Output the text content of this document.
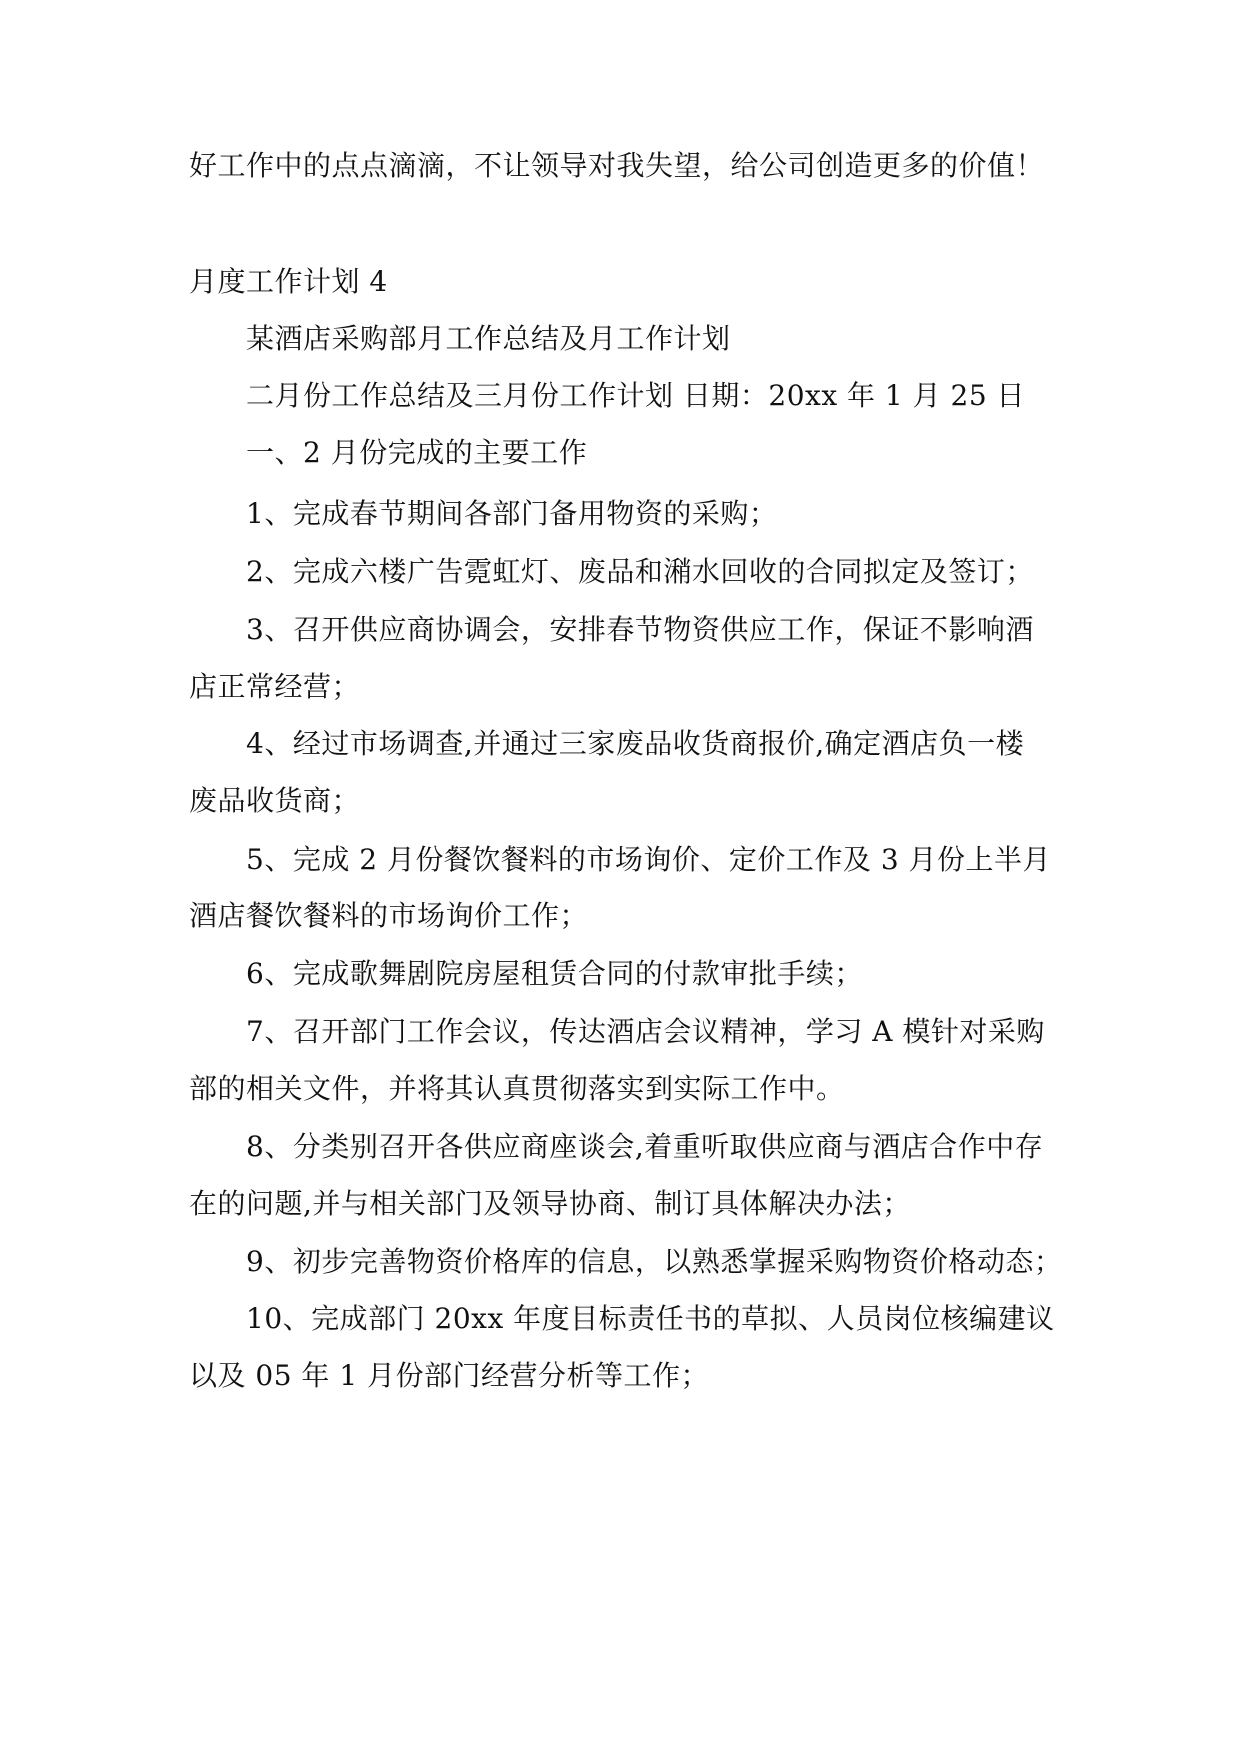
好工作中的点点滴滴，不让领导对我失望，给公司创造更多的价值！
月度工作计划 4
某酒店采购部月工作总结及月工作计划
二月份工作总结及三月份工作计划 日期：20xx 年 1 月 25 日
一、2 月份完成的主要工作
1、完成春节期间各部门备用物资的采购；
2、完成六楼广告霓虹灯、废品和潲水回收的合同拟定及签订；
3、召开供应商协调会，安排春节物资供应工作，保证不影响酒
店正常经营；
4、经过市场调查,并通过三家废品收货商报价,确定酒店负一楼
废品收货商；
5、完成 2 月份餐饮餐料的市场询价、定价工作及 3 月份上半月
酒店餐饮餐料的市场询价工作；
6、完成歌舞剧院房屋租赁合同的付款审批手续；
7、召开部门工作会议，传达酒店会议精神，学习 A 模针对采购
部的相关文件，并将其认真贯彻落实到实际工作中。
8、分类别召开各供应商座谈会,着重听取供应商与酒店合作中存
在的问题,并与相关部门及领导协商、制订具体解决办法；
9、初步完善物资价格库的信息，以熟悉掌握采购物资价格动态；
10、完成部门 20xx 年度目标责任书的草拟、人员岗位核编建议
以及 05 年 1 月份部门经营分析等工作；
